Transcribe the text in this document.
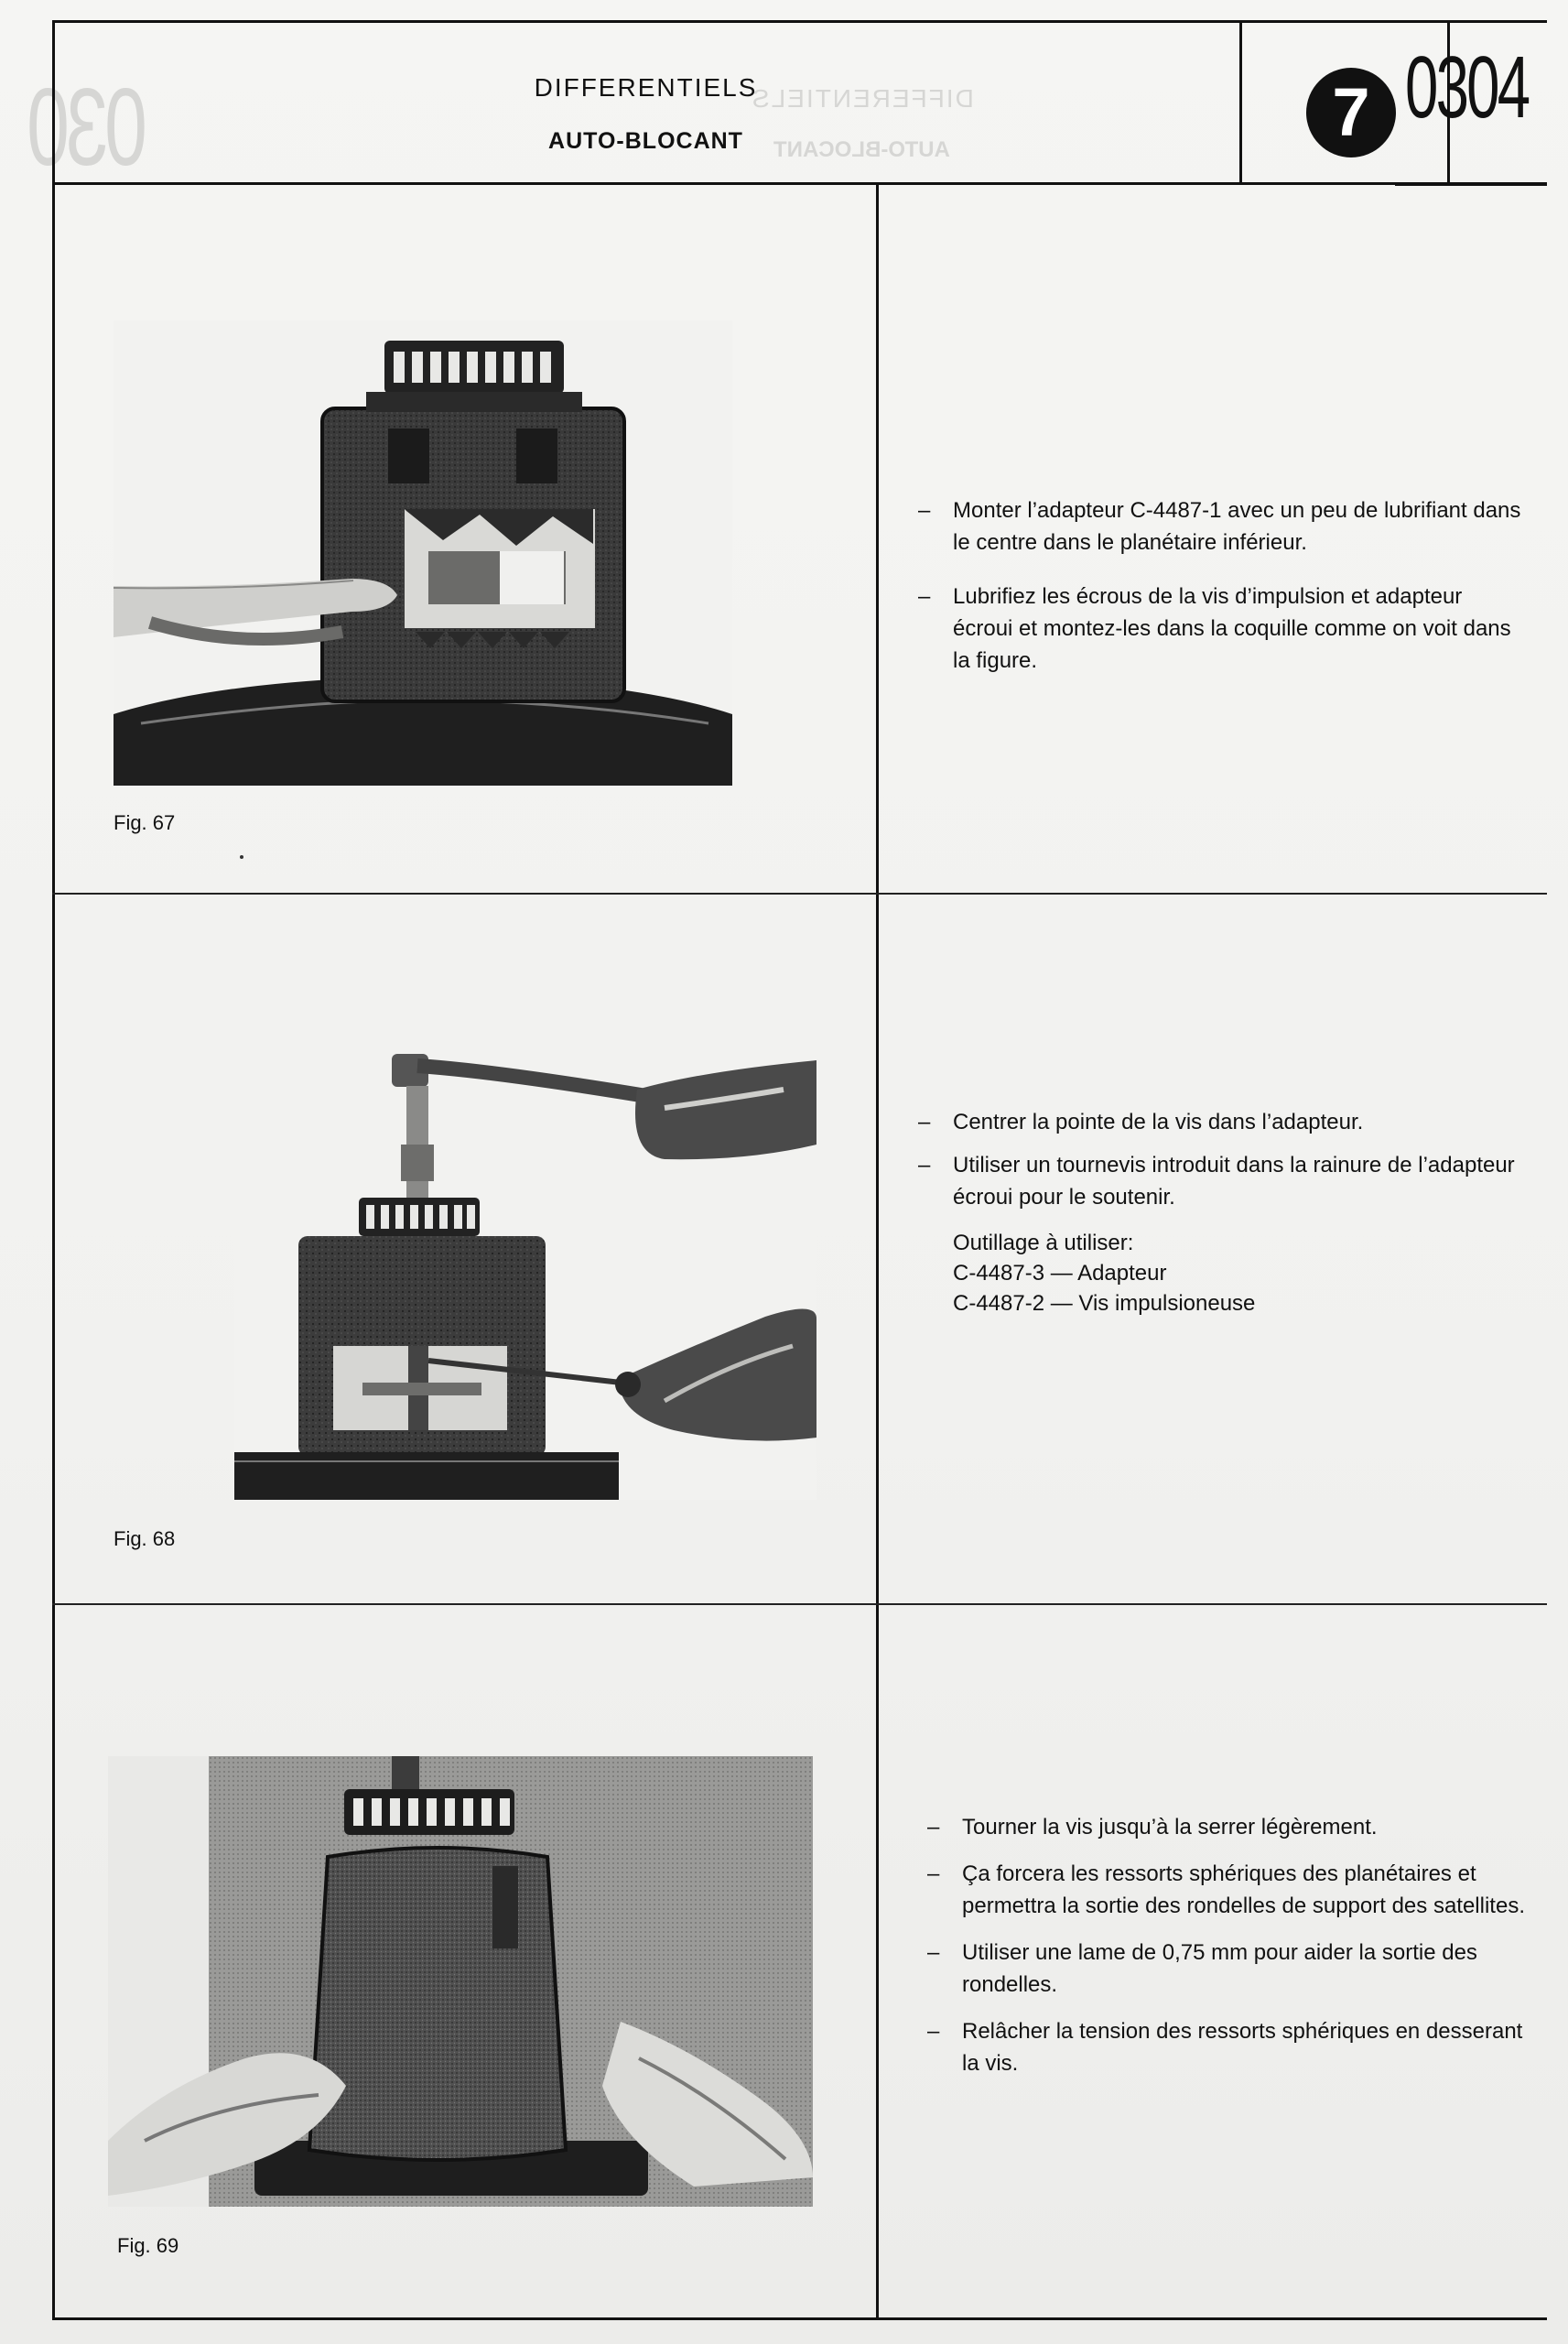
030	DIFFERENTIELS
AUTO-BLOCANT
DIFFERENTIELS
AUTO-BLOCANT	7 0304
Fig. 67
– Monter l’adapteur C-4487-1 avec un peu de lubrifiant dans le centre dans le planétaire inférieur.
– Lubrifiez les écrous de la vis d’impulsion et adapteur écroui et montez-les dans la coquille comme on voit dans la figure.
Fig. 68
– Centrer la pointe de la vis dans l’adapteur.
– Utiliser un tournevis introduit dans la rainure de l’adapteur écroui pour le soutenir.
Outillage à utiliser:
C-4487-3 — Adapteur
C-4487-2 — Vis impulsioneuse
Fig. 69
– Tourner la vis jusqu’à la serrer légèrement.
– Ça forcera les ressorts sphériques des planétaires et permettra la sortie des rondelles de support des satellites.
– Utiliser une lame de 0,75 mm pour aider la sortie des rondelles.
– Relâcher la tension des ressorts sphériques en desserant la vis.
